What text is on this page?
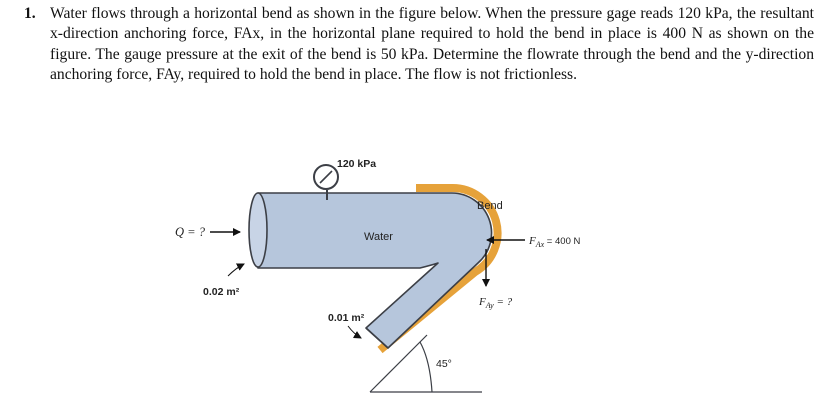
1. Water flows through a horizontal bend as shown in the figure below. When the pressure gage reads 120 kPa, the resultant x-direction anchoring force, FAx, in the horizontal plane required to hold the bend in place is 400 N as shown on the figure. The gauge pressure at the exit of the bend is 50 kPa. Determine the flowrate through the bend and the y-direction anchoring force, FAy, required to hold the bend in place. The flow is not frictionless.
120 kPa
Q = ?
0.02 m²
Water
Bend
$F_{Ax} = 400$ N
$F_{Ay}$ = ?
0.01 m²
45°
